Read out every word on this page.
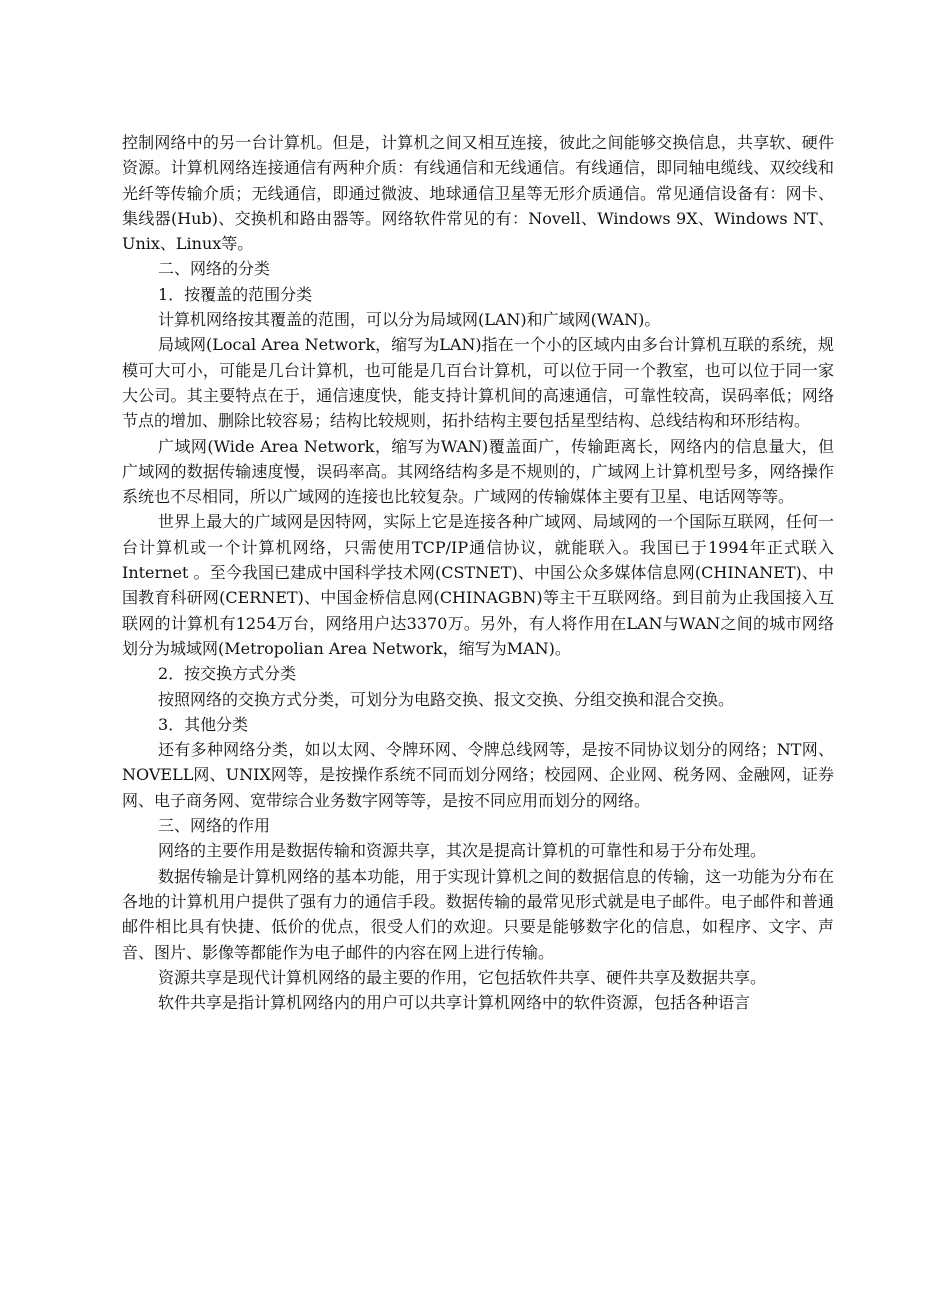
控制网络中的另一台计算机。但是，计算机之间又相互连接，彼此之间能够交换信息，共享软、硬件资源。计算机网络连接通信有两种介质：有线通信和无线通信。有线通信，即同轴电缆线、双绞线和光纤等传输介质；无线通信，即通过微波、地球通信卫星等无形介质通信。常见通信设备有：网卡、集线器(Hub)、交换机和路由器等。网络软件常见的有：Novell、Windows 9X、Windows NT、Unix、Linux等。

二、网络的分类

1．按覆盖的范围分类

计算机网络按其覆盖的范围，可以分为局域网(LAN)和广域网(WAN)。

局域网(Local Area Network，缩写为LAN)指在一个小的区域内由多台计算机互联的系统，规模可大可小，可能是几台计算机，也可能是几百台计算机，可以位于同一个教室，也可以位于同一家大公司。其主要特点在于，通信速度快，能支持计算机间的高速通信，可靠性较高，误码率低；网络节点的增加、删除比较容易；结构比较规则，拓扑结构主要包括星型结构、总线结构和环形结构。

广域网(Wide Area Network，缩写为WAN)覆盖面广，传输距离长，网络内的信息量大，但广域网的数据传输速度慢，误码率高。其网络结构多是不规则的，广域网上计算机型号多，网络操作系统也不尽相同，所以广域网的连接也比较复杂。广域网的传输媒体主要有卫星、电话网等等。

世界上最大的广域网是因特网，实际上它是连接各种广域网、局域网的一个国际互联网，任何一台计算机或一个计算机网络，只需使用TCP/IP通信协议，就能联入。我国已于1994年正式联入Internet 。至今我国已建成中国科学技术网(CSTNET)、中国公众多媒体信息网(CHINANET)、中国教育科研网(CERNET)、中国金桥信息网(CHINAGBN)等主干互联网络。到目前为止我国接入互联网的计算机有1254万台，网络用户达3370万。另外，有人将作用在LAN与WAN之间的城市网络划分为城域网(Metropolian Area Network，缩写为MAN)。

2．按交换方式分类

按照网络的交换方式分类，可划分为电路交换、报文交换、分组交换和混合交换。

3．其他分类

还有多种网络分类，如以太网、令牌环网、令牌总线网等，是按不同协议划分的网络；NT网、NOVELL网、UNIX网等，是按操作系统不同而划分网络；校园网、企业网、税务网、金融网，证券网、电子商务网、宽带综合业务数字网等等，是按不同应用而划分的网络。

三、网络的作用

网络的主要作用是数据传输和资源共享，其次是提高计算机的可靠性和易于分布处理。

数据传输是计算机网络的基本功能，用于实现计算机之间的数据信息的传输，这一功能为分布在各地的计算机用户提供了强有力的通信手段。数据传输的最常见形式就是电子邮件。电子邮件和普通邮件相比具有快捷、低价的优点，很受人们的欢迎。只要是能够数字化的信息，如程序、文字、声音、图片、影像等都能作为电子邮件的内容在网上进行传输。

资源共享是现代计算机网络的最主要的作用，它包括软件共享、硬件共享及数据共享。

软件共享是指计算机网络内的用户可以共享计算机网络中的软件资源，包括各种语言
